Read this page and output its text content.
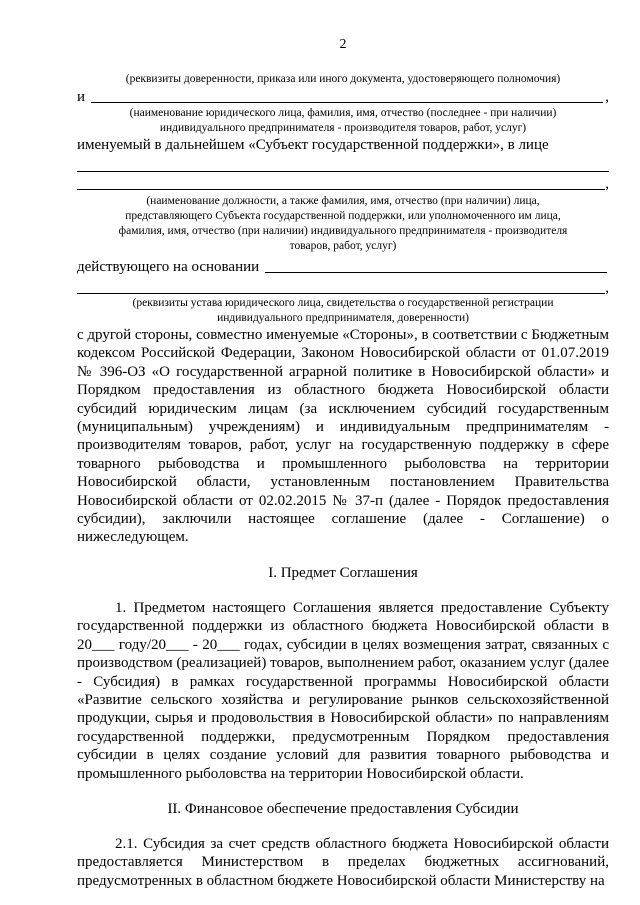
2
(реквизиты доверенности, приказа или иного документа, удостоверяющего полномочия)
и	,
(наименование юридического лица, фамилия, имя, отчество (последнее - при наличии)
индивидуального предпринимателя - производителя товаров, работ, услуг)
именуемый в дальнейшем «Субъект государственной поддержки», в лице
,
(наименование должности, а также фамилия, имя, отчество (при наличии) лица,
представляющего Субъекта государственной поддержки, или уполномоченного им лица,
фамилия, имя, отчество (при наличии) индивидуального предпринимателя - производителя
товаров, работ, услуг)
действующего на основании
,
(реквизиты устава юридического лица, свидетельства о государственной регистрации
индивидуального предпринимателя, доверенности)
с другой стороны, совместно именуемые «Стороны», в соответствии с Бюджетным кодексом Российской Федерации, Законом Новосибирской области от 01.07.2019 № 396-ОЗ «О государственной аграрной политике в Новосибирской области» и Порядком предоставления из областного бюджета Новосибирской области субсидий юридическим лицам (за исключением субсидий государственным (муниципальным) учреждениям) и индивидуальным предпринимателям - производителям товаров, работ, услуг на государственную поддержку в сфере товарного рыбоводства и промышленного рыболовства на территории Новосибирской области, установленным постановлением Правительства Новосибирской области от 02.02.2015 № 37-п (далее - Порядок предоставления субсидии), заключили настоящее соглашение (далее - Соглашение) о нижеследующем.
I. Предмет Соглашения
1. Предметом настоящего Соглашения является предоставление Субъекту государственной поддержки из областного бюджета Новосибирской области в 20___ году/20___ - 20___ годах, субсидии в целях возмещения затрат, связанных с производством (реализацией) товаров, выполнением работ, оказанием услуг (далее - Субсидия) в рамках государственной программы Новосибирской области «Развитие сельского хозяйства и регулирование рынков сельскохозяйственной продукции, сырья и продовольствия в Новосибирской области» по направлениям государственной поддержки, предусмотренным Порядком предоставления субсидии в целях создание условий для развития товарного рыбоводства и промышленного рыболовства на территории Новосибирской области.
II. Финансовое обеспечение предоставления Субсидии
2.1. Субсидия за счет средств областного бюджета Новосибирской области предоставляется Министерством в пределах бюджетных ассигнований, предусмотренных в областном бюджете Новосибирской области Министерству на
